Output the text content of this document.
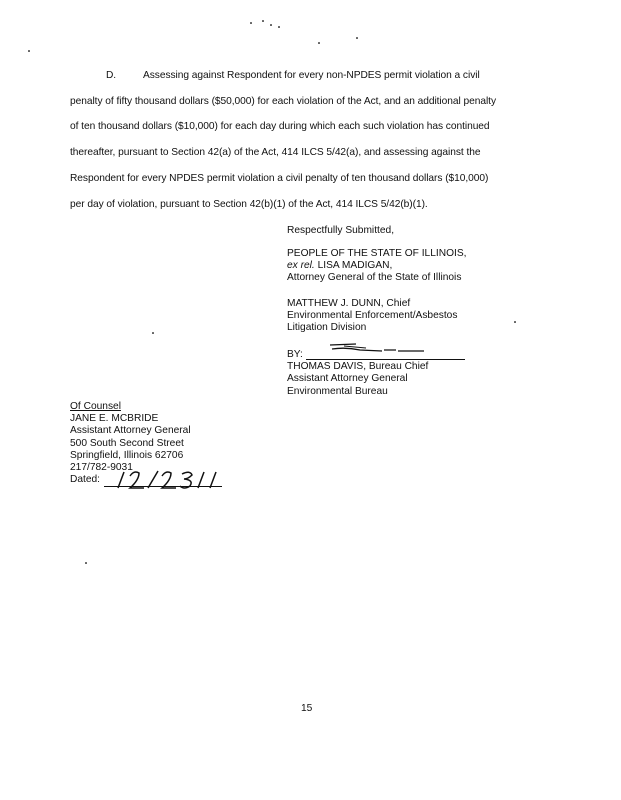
D.	Assessing against Respondent for every non-NPDES permit violation a civil
penalty of fifty thousand dollars ($50,000) for each violation of the Act, and an additional penalty
of ten thousand dollars ($10,000) for each day during which each such violation has continued
thereafter, pursuant to Section 42(a) of the Act, 414 ILCS 5/42(a), and assessing against the
Respondent for every NPDES permit violation a civil penalty of ten thousand dollars ($10,000)
per day of violation, pursuant to Section 42(b)(1) of the Act, 414 ILCS 5/42(b)(1).
Respectfully Submitted,
PEOPLE OF THE STATE OF ILLINOIS,
ex rel. LISA MADIGAN,
Attorney General of the State of Illinois
MATTHEW J. DUNN, Chief
Environmental Enforcement/Asbestos
Litigation Division
BY:
THOMAS DAVIS, Bureau Chief
Assistant Attorney General
Environmental Bureau
Of Counsel
JANE E. MCBRIDE
Assistant Attorney General
500 South Second Street
Springfield, Illinois 62706
217/782-9031
Dated:
15
